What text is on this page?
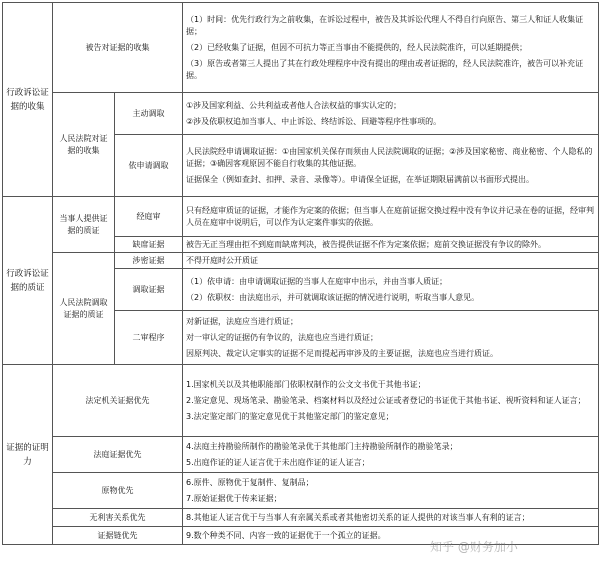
行政诉讼证据的收集	被告对证据的收集		（1）时间：优先行政行为之前收集，在诉讼过程中，被告及其诉讼代理人不得自行向原告、第三人和证人收集证据；
（2）已经收集了证据，但因不可抗力等正当事由不能提供的，经人民法院准许，可以延期提供；
（3）原告或者第三人提出了其在行政处理程序中没有提出的理由或者证据的，经人民法院准许，被告可以补充证据。

	人民法院对证据的收集	主动调取	①涉及国家利益、公共利益或者他人合法权益的事实认定的；
②涉及依职权追加当事人、中止诉讼、终结诉讼、回避等程序性事项的。

		依申请调取	人民法院经申请调取证据：①由国家机关保存而须由人民法院调取的证据；②涉及国家秘密、商业秘密、个人隐私的证据；③确因客观原因不能自行收集的其他证据。
证据保全（例如查封、扣押、录音、录像等）。申请保全证据，在举证期限届满前以书面形式提出。

行政诉讼证据的质证	当事人提供证据的质证	经庭审	只有经庭审质证的证据，才能作为定案的依据；但当事人在庭前证据交换过程中没有争议并记录在卷的证据，经审判人员在庭审中说明后，可以作为认定案件事实的依据。

		缺席证据	被告无正当理由拒不到庭而缺席判决，被告提供证据不作为定案依据；庭前交换证据没有争议的除外。

	人民法院调取证据的质证	涉密证据	不得开庭时公开质证

		调取证据	（1）依申请：由申请调取证据的当事人在庭审中出示，并由当事人质证；
（2）依职权：由法庭出示，并可就调取该证据的情况进行说明，听取当事人意见。

		二审程序	对新证据，法庭应当进行质证；
对一审认定的证据仍有争议的，法庭也应当进行质证；
因原判决、裁定认定事实的证据不足而提起再审涉及的主要证据，法庭也应当进行质证。

证据的证明力	法定机关证据优先		1.国家机关以及其他职能部门依职权制作的公文文书优于其他书证；
2.鉴定意见、现场笔录、勘验笔录、档案材料以及经过公证或者登记的书证优于其他书证、视听资料和证人证言；
3.法定鉴定部门的鉴定意见优于其他鉴定部门的鉴定意见；

	法庭证据优先		4.法庭主持勘验所制作的勘验笔录优于其他部门主持勘验所制作的勘验笔录；
5.出庭作证的证人证言优于未出庭作证的证人证言；

	原物优先		6.原件、原物优于复制件、复制品；
7.原始证据优于传来证据；

	无利害关系优先		8.其他证人证言优于与当事人有亲属关系或者其他密切关系的证人提供的对该当事人有利的证言；

	证据链优先		9.数个种类不同、内容一致的证据优于一个孤立的证据。
知乎 @财务加小
